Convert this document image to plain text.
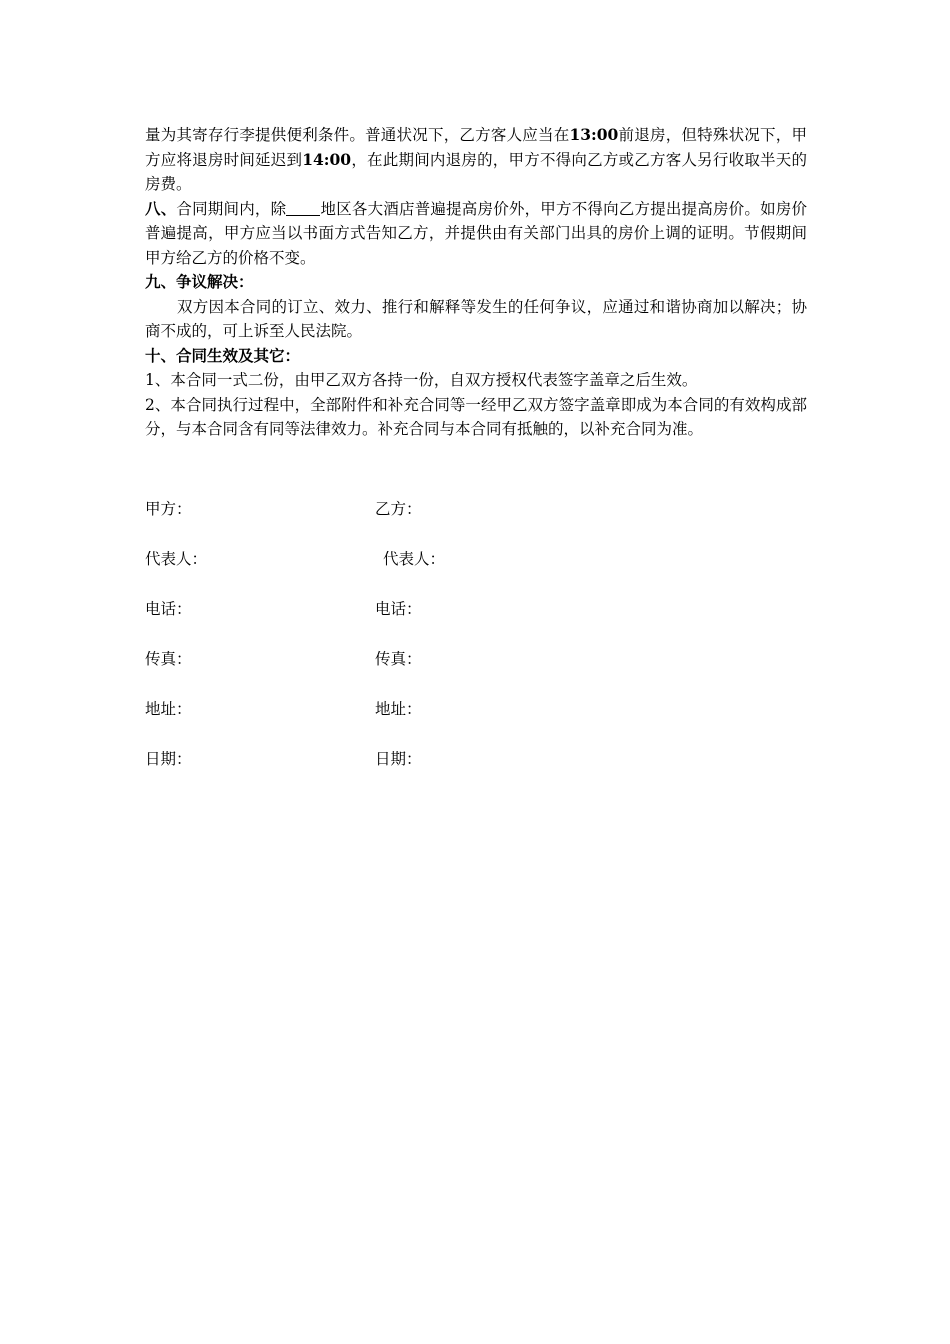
量为其寄存行李提供便利条件。普通状况下，乙方客人应当在13:00前退房，但特殊状况下，甲方应将退房时间延迟到14:00，在此期间内退房的，甲方不得向乙方或乙方客人另行收取半天的房费。

八、合同期间内，除 地区各大酒店普遍提高房价外，甲方不得向乙方提出提高房价。如房价普遍提高，甲方应当以书面方式告知乙方，并提供由有关部门出具的房价上调的证明。节假期间甲方给乙方的价格不变。

九、争议解决：

双方因本合同的订立、效力、推行和解释等发生的任何争议，应通过和谐协商加以解决；协商不成的，可上诉至人民法院。

十、合同生效及其它：

1、本合同一式二份，由甲乙双方各持一份，自双方授权代表签字盖章之后生效。

2、本合同执行过程中，全部附件和补充合同等一经甲乙双方签字盖章即成为本合同的有效构成部分，与本合同含有同等法律效力。补充合同与本合同有抵触的，以补充合同为准。

甲方：	乙方：
代表人：	代表人：
电话：	电话：
传真：	传真：
地址：	地址：
日期：	日期：
